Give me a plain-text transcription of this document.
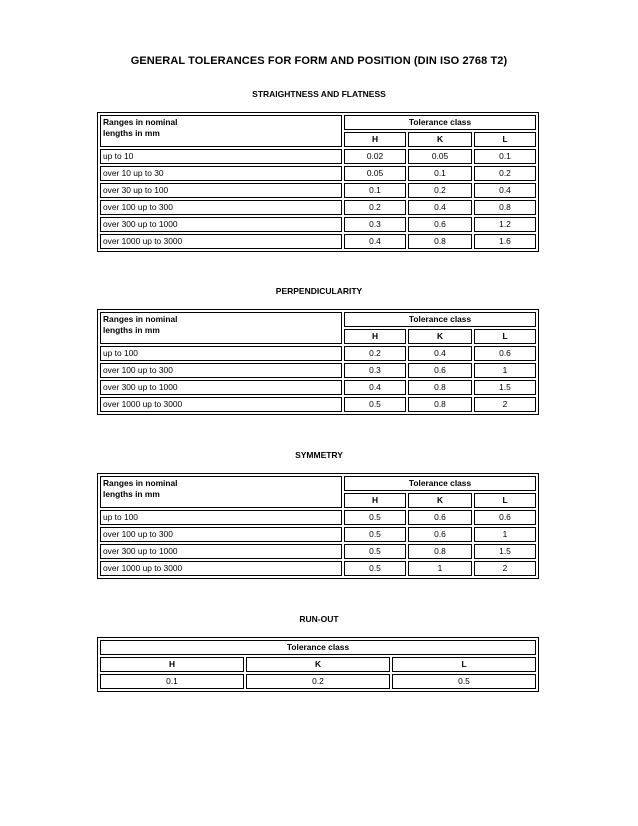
GENERAL TOLERANCES FOR FORM AND POSITION (DIN ISO 2768 T2)
STRAIGHTNESS AND FLATNESS
Ranges in nominal
lengths in mm	Tolerance class		
	H	K	L
up to 10	0.02	0.05	0.1
over 10 up to 30	0.05	0.1	0.2
over 30 up to 100	0.1	0.2	0.4
over 100 up to 300	0.2	0.4	0.8
over 300 up to 1000	0.3	0.6	1.2
over 1000 up to 3000	0.4	0.8	1.6
PERPENDICULARITY
Ranges in nominal
lengths in mm	Tolerance class		
	H	K	L
up to 100	0.2	0.4	0.6
over 100 up to 300	0.3	0.6	1
over 300 up to 1000	0.4	0.8	1.5
over 1000 up to 3000	0.5	0.8	2
SYMMETRY
Ranges in nominal
lengths in mm	Tolerance class		
	H	K	L
up to 100	0.5	0.6	0.6
over 100 up to 300	0.5	0.6	1
over 300 up to 1000	0.5	0.8	1.5
over 1000 up to 3000	0.5	1	2
RUN-OUT
Tolerance class		
H	K	L
0.1	0.2	0.5
